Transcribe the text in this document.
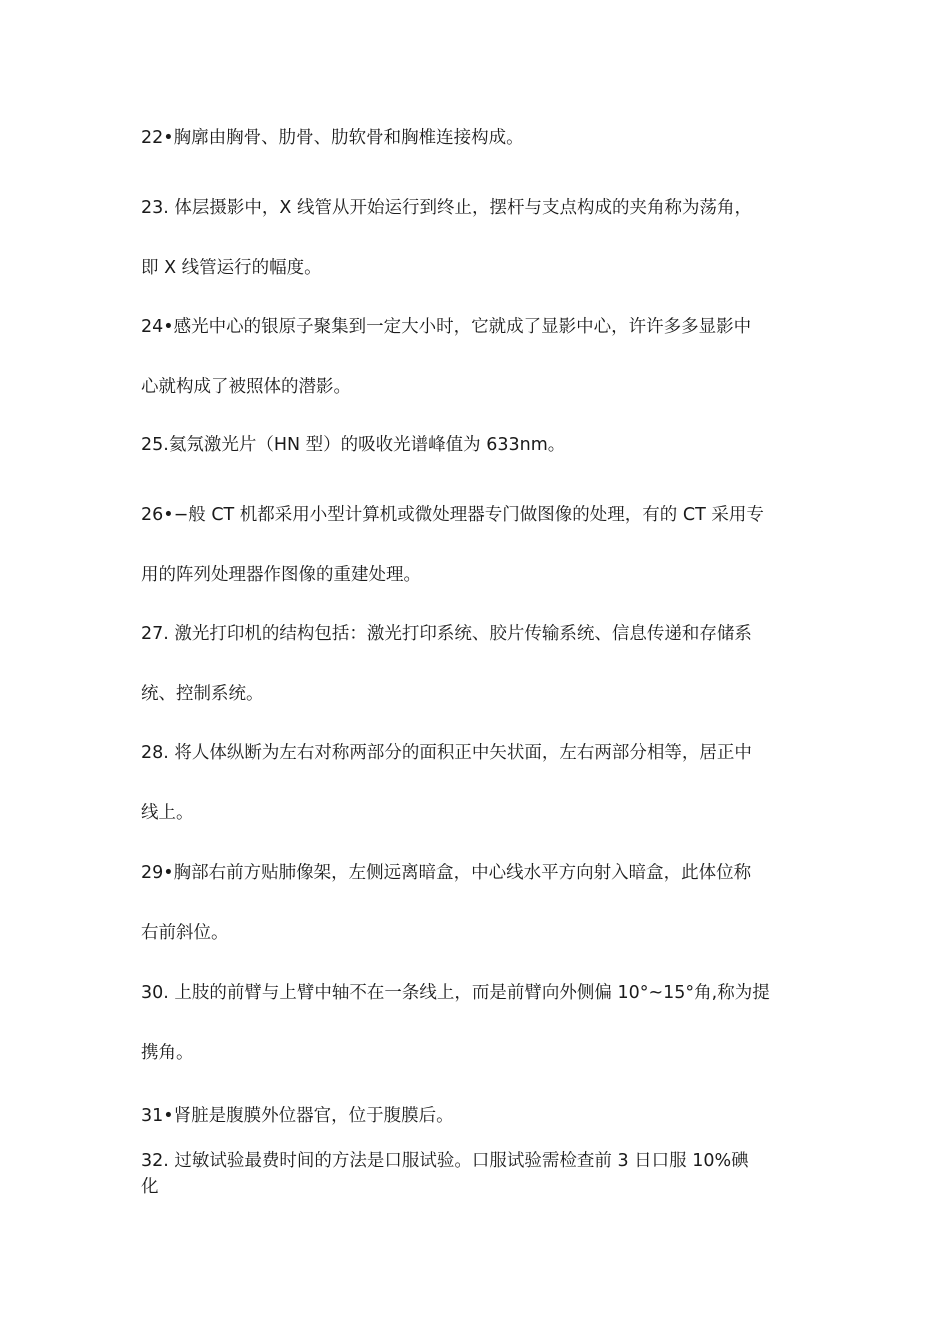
22•胸廓由胸骨、肋骨、肋软骨和胸椎连接构成。

23. 体层摄影中，X 线管从开始运行到终止，摆杆与支点构成的夹角称为荡角，
即 X 线管运行的幅度。

24•感光中心的银原子聚集到一定大小时，它就成了显影中心，许许多多显影中
心就构成了被照体的潜影。

25.氦氖激光片（HN 型）的吸收光谱峰值为 633nm。

26•−般 CT 机都采用小型计算机或微处理器专门做图像的处理，有的 CT 采用专
用的阵列处理器作图像的重建处理。

27. 激光打印机的结构包括：激光打印系统、胶片传输系统、信息传递和存储系
统、控制系统。

28. 将人体纵断为左右对称两部分的面积正中矢状面，左右两部分相等，居正中
线上。

29•胸部右前方贴肺像架，左侧远离暗盒，中心线水平方向射入暗盒，此体位称
右前斜位。

30. 上肢的前臂与上臂中轴不在一条线上，而是前臂向外侧偏 10°~15°角,称为提
携角。

31•肾脏是腹膜外位器官，位于腹膜后。

32. 过敏试验最费时间的方法是口服试验。口服试验需检查前 3 日口服 10%碘
化
